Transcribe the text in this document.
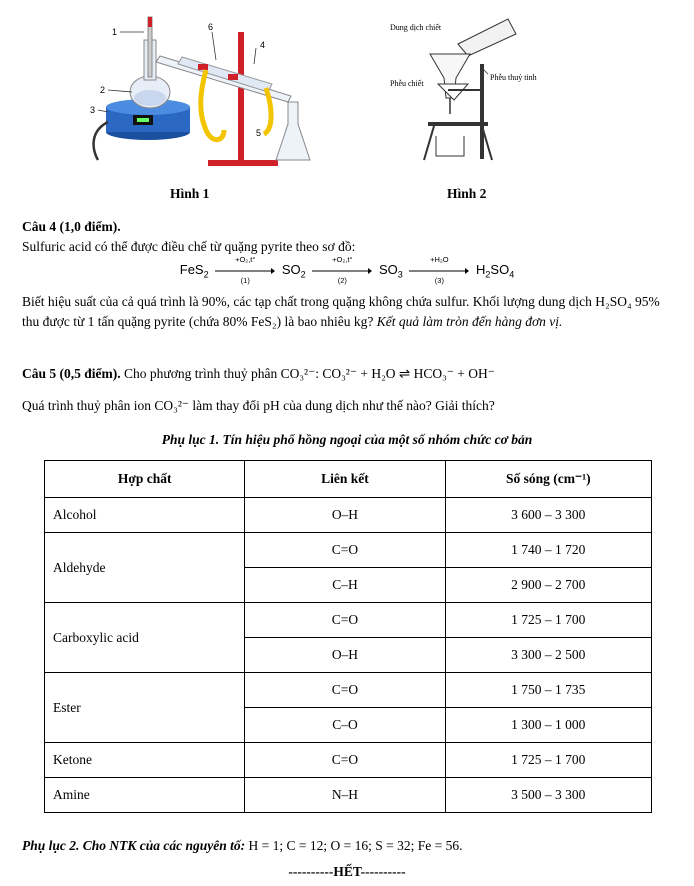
1
2
3
4
5
6
Hình 1
Dung dịch chiết
Phễu chiết
Phễu thuỷ tinh
Hình 2
Câu 4 (1,0 điểm).
Sulfuric acid có thể được điều chế từ quặng pyrite theo sơ đồ:
FeS$_2$
+O₂,t°
(1)
$SO_2$
+O₂,t°
(2)
$SO_3$
+H₂O
(3)
$H_2SO_4$
Biết hiệu suất của cả quá trình là 90%, các tạp chất trong quặng không chứa sulfur. Khối lượng dung dịch H₂SO₄ 95% thu được từ 1 tấn quặng pyrite (chứa 80% FeS₂) là bao nhiêu kg? Kết quả làm tròn đến hàng đơn vị.
Câu 5 (0,5 điểm). Cho phương trình thuỷ phân CO₃²⁻: CO₃²⁻ + H₂O ⇌ HCO₃⁻ + OH⁻
Quá trình thuỷ phân ion CO₃²⁻ làm thay đổi pH của dung dịch như thế nào? Giải thích?
Phụ lục 1. Tín hiệu phổ hồng ngoại của một số nhóm chức cơ bản
Hợp chất	Liên kết	Số sóng (cm⁻¹)
Alcohol	O–H	3 600 – 3 300
Aldehyde	C=O	1 740 – 1 720
	C–H	2 900 – 2 700
Carboxylic acid	C=O	1 725 – 1 700
	O–H	3 300 – 2 500
Ester	C=O	1 750 – 1 735
	C–O	1 300 – 1 000
Ketone	C=O	1 725 – 1 700
Amine	N–H	3 500 – 3 300
Phụ lục 2. Cho NTK của các nguyên tố: H = 1; C = 12; O = 16; S = 32; Fe = 56.
----------HẾT----------
